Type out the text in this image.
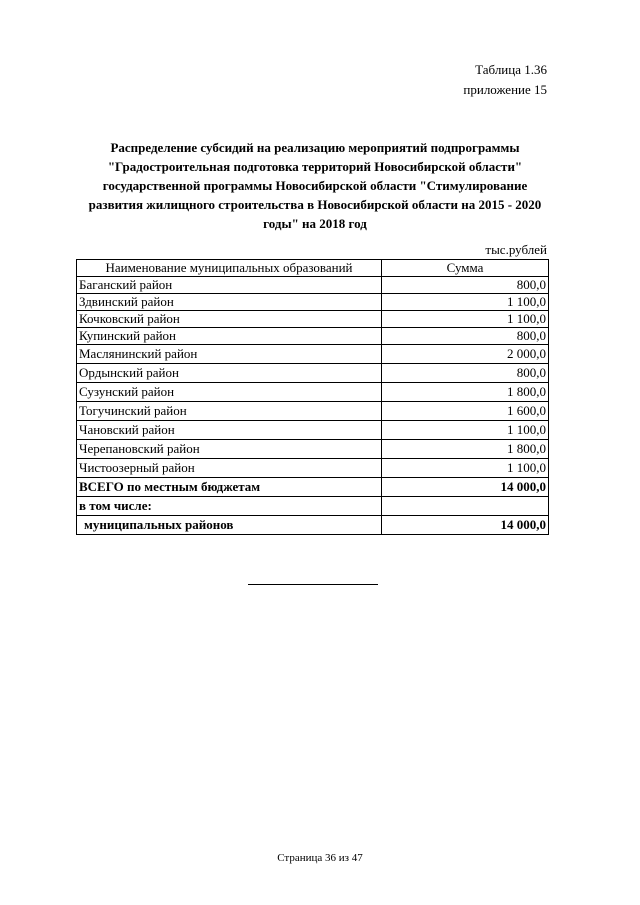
Таблица 1.36
приложение 15
Распределение субсидий на реализацию мероприятий подпрограммы
"Градостроительная подготовка территорий Новосибирской области"
государственной программы Новосибирской области "Стимулирование
развития жилищного строительства в Новосибирской области на 2015 - 2020
годы" на 2018 год
тыс.рублей
Наименование муниципальных образований	Сумма
Баганский район	800,0
Здвинский район	1 100,0
Кочковский район	1 100,0
Купинский район	800,0
Маслянинский район	2 000,0
Ордынский район	800,0
Сузунский район	1 800,0
Тогучинский район	1 600,0
Чановский район	1 100,0
Черепановский район	1 800,0
Чистоозерный район	1 100,0
ВСЕГО по местным бюджетам	14 000,0
в том числе:	
муниципальных районов	14 000,0
Страница 36 из 47
